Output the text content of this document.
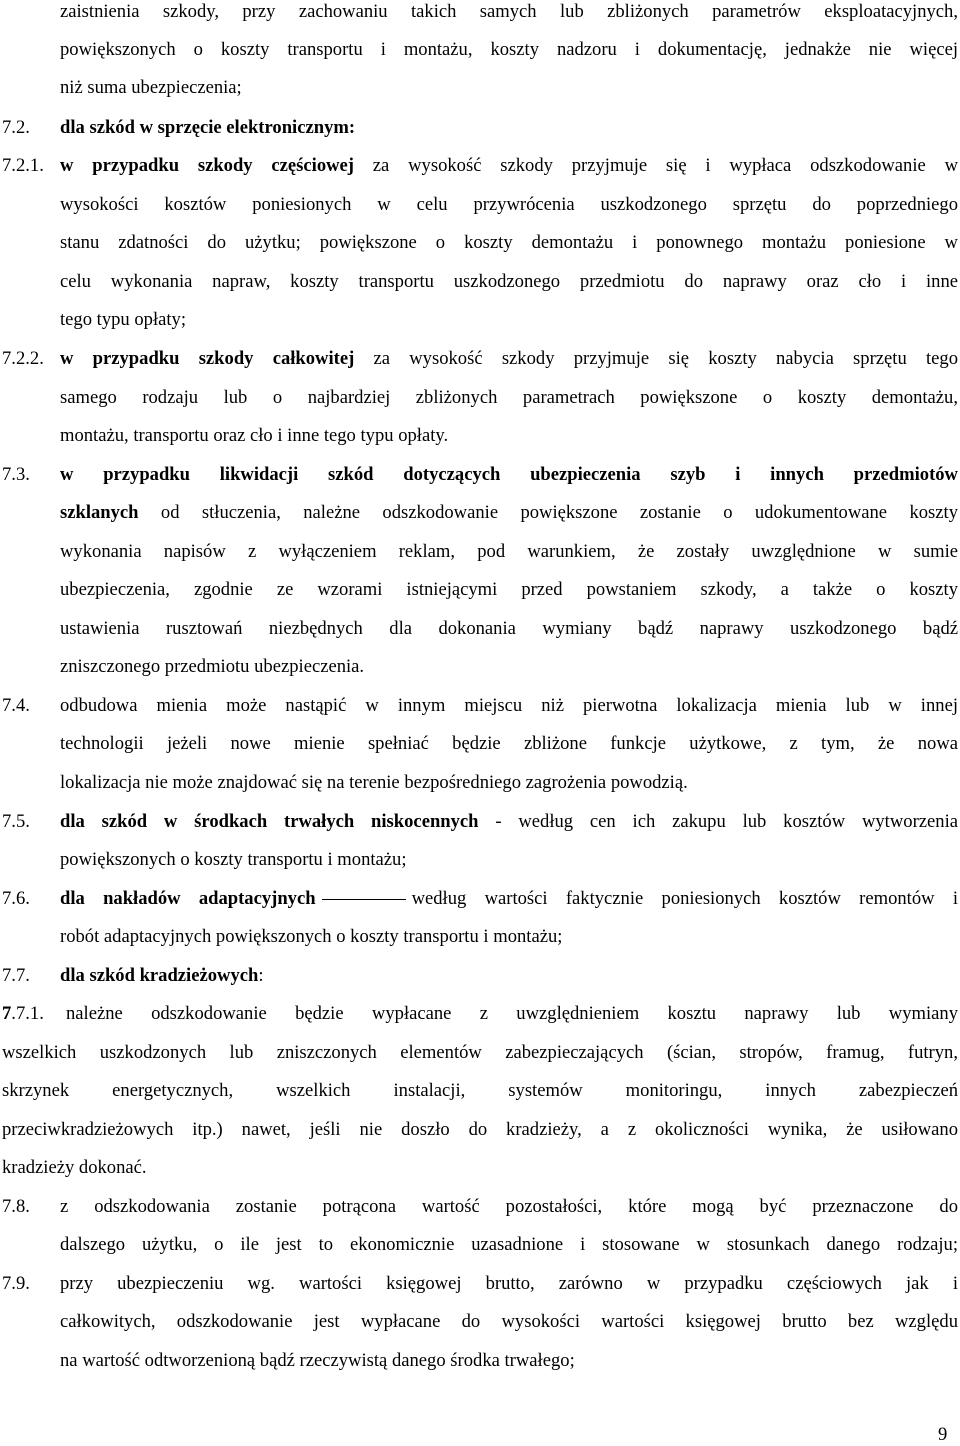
zaistnienia szkody, przy zachowaniu takich samych lub zbliżonych parametrów eksploatacyjnych,
powiększonych o koszty transportu i montażu, koszty nadzoru i dokumentację, jednakże nie więcej
niż suma ubezpieczenia;
7.2. dla szkód w sprzęcie elektronicznym:
7.2.1. w przypadku szkody częściowej za wysokość szkody przyjmuje się i wypłaca odszkodowanie w
wysokości kosztów poniesionych w celu przywrócenia uszkodzonego sprzętu do poprzedniego
stanu zdatności do użytku; powiększone o koszty demontażu i ponownego montażu poniesione w
celu wykonania napraw, koszty transportu uszkodzonego przedmiotu do naprawy oraz cło i inne
tego typu opłaty;
7.2.2. w przypadku szkody całkowitej za wysokość szkody przyjmuje się koszty nabycia sprzętu tego
samego rodzaju lub o najbardziej zbliżonych parametrach powiększone o koszty demontażu,
montażu, transportu oraz cło i inne tego typu opłaty.
7.3. w przypadku likwidacji szkód dotyczących ubezpieczenia szyb i innych przedmiotów
szklanych od stłuczenia, należne odszkodowanie powiększone zostanie o udokumentowane koszty
wykonania napisów z wyłączeniem reklam, pod warunkiem, że zostały uwzględnione w sumie
ubezpieczenia, zgodnie ze wzorami istniejącymi przed powstaniem szkody, a także o koszty
ustawienia rusztowań niezbędnych dla dokonania wymiany bądź naprawy uszkodzonego bądź
zniszczonego przedmiotu ubezpieczenia.
7.4. odbudowa mienia może nastąpić w innym miejscu niż pierwotna lokalizacja mienia lub w innej
technologii jeżeli nowe mienie spełniać będzie zbliżone funkcje użytkowe, z tym, że nowa
lokalizacja nie może znajdować się na terenie bezpośredniego zagrożenia powodzią.
7.5. dla szkód w środkach trwałych niskocennych - według cen ich zakupu lub kosztów wytworzenia
powiększonych o koszty transportu i montażu;
7.6. dla nakładów adaptacyjnych	według wartości faktycznie poniesionych kosztów remontów i
robót adaptacyjnych powiększonych o koszty transportu i montażu;
7.7. dla szkód kradzieżowych:
7.7.1. należne odszkodowanie będzie wypłacane z uwzględnieniem kosztu naprawy lub wymiany
wszelkich uszkodzonych lub zniszczonych elementów zabezpieczających (ścian, stropów, framug, futryn,
skrzynek energetycznych, wszelkich instalacji, systemów monitoringu, innych zabezpieczeń
przeciwkradzieżowych itp.) nawet, jeśli nie doszło do kradzieży, a z okoliczności wynika, że usiłowano
kradzieży dokonać.
7.8. z odszkodowania zostanie potrącona wartość pozostałości, które mogą być przeznaczone do
dalszego użytku, o ile jest to ekonomicznie uzasadnione i stosowane w stosunkach danego rodzaju;
7.9. przy ubezpieczeniu wg. wartości księgowej brutto, zarówno w przypadku częściowych jak i
całkowitych, odszkodowanie jest wypłacane do wysokości wartości księgowej brutto bez względu
na wartość odtworzenioną bądź rzeczywistą danego środka trwałego;
9
